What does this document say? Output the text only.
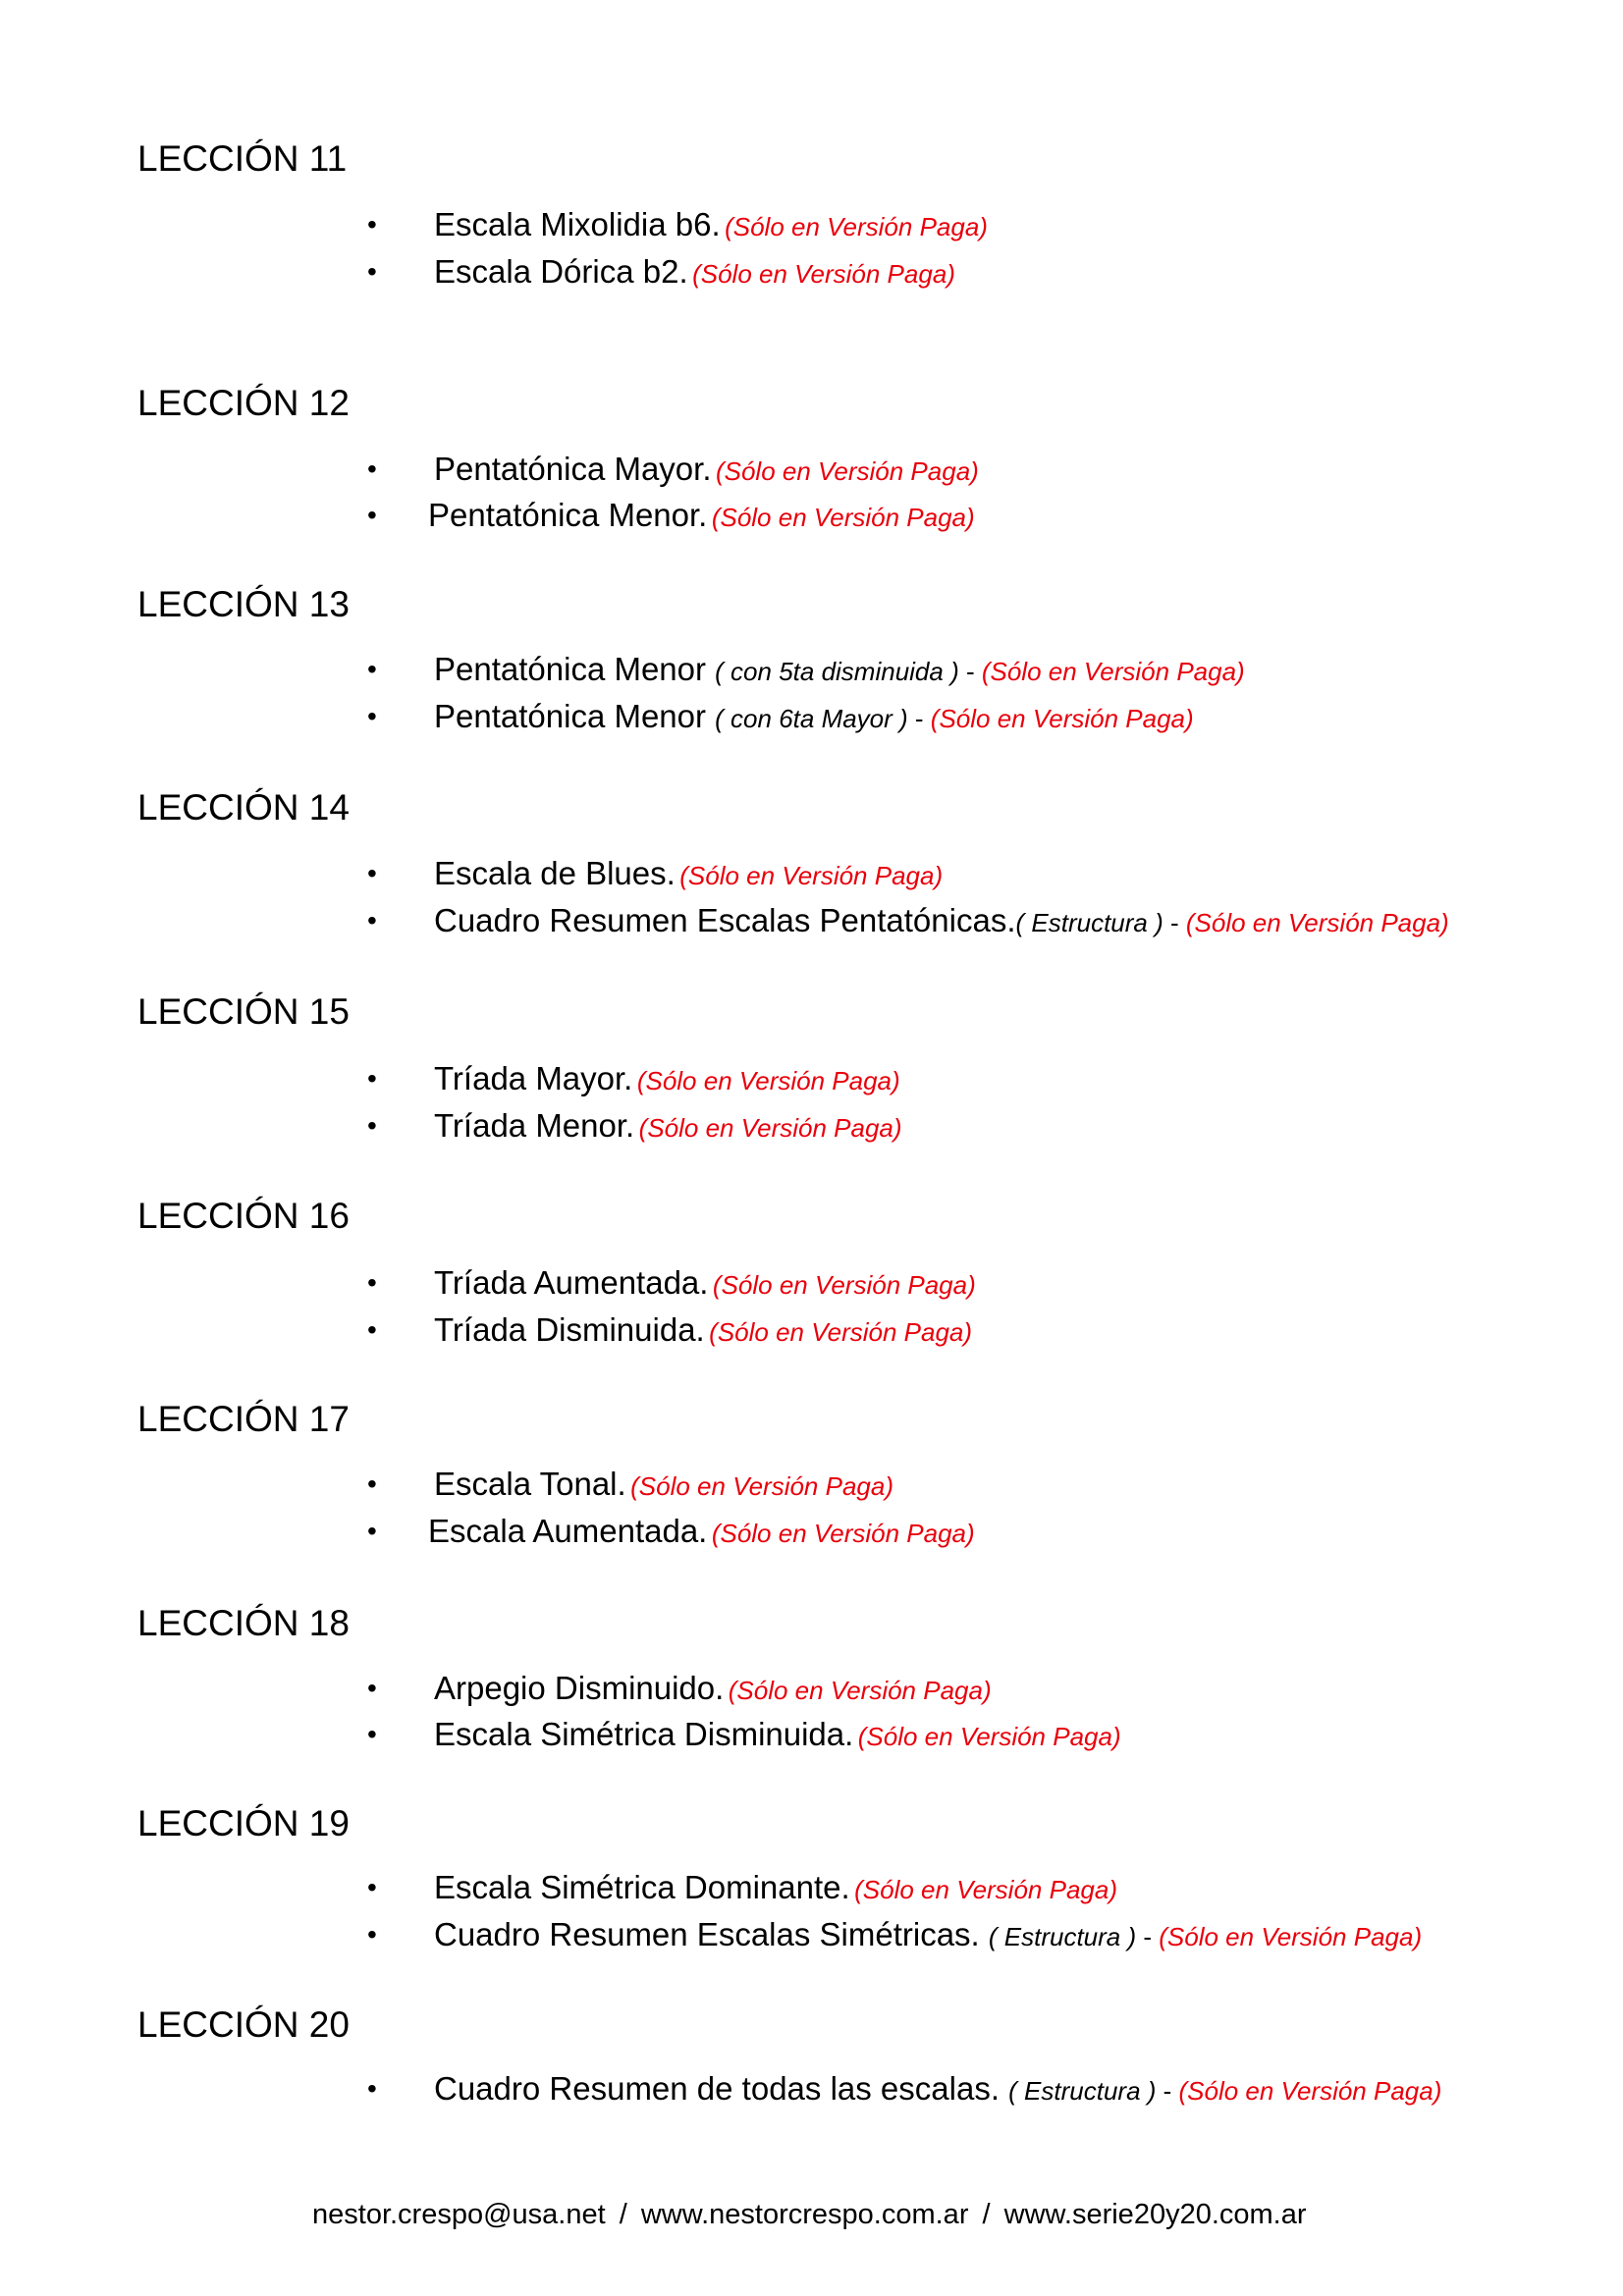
LECCIÓN 11
• Escala Mixolidia b6. (Sólo en Versión Paga)
• Escala Dórica b2. (Sólo en Versión Paga)
LECCIÓN 12
• Pentatónica Mayor. (Sólo en Versión Paga)
• Pentatónica Menor. (Sólo en Versión Paga)
LECCIÓN 13
• Pentatónica Menor ( con 5ta disminuida ) - (Sólo en Versión Paga)
• Pentatónica Menor ( con 6ta Mayor ) - (Sólo en Versión Paga)
LECCIÓN 14
• Escala de Blues. (Sólo en Versión Paga)
• Cuadro Resumen Escalas Pentatónicas.( Estructura ) - (Sólo en Versión Paga)
LECCIÓN 15
• Tríada Mayor. (Sólo en Versión Paga)
• Tríada Menor. (Sólo en Versión Paga)
LECCIÓN 16
• Tríada Aumentada. (Sólo en Versión Paga)
• Tríada Disminuida. (Sólo en Versión Paga)
LECCIÓN 17
• Escala Tonal. (Sólo en Versión Paga)
• Escala Aumentada. (Sólo en Versión Paga)
LECCIÓN 18
• Arpegio Disminuido. (Sólo en Versión Paga)
• Escala Simétrica Disminuida. (Sólo en Versión Paga)
LECCIÓN 19
• Escala Simétrica Dominante. (Sólo en Versión Paga)
• Cuadro Resumen Escalas Simétricas. ( Estructura ) - (Sólo en Versión Paga)
LECCIÓN 20
• Cuadro Resumen de todas las escalas. ( Estructura ) - (Sólo en Versión Paga)
nestor.crespo@usa.net / www.nestorcrespo.com.ar / www.serie20y20.com.ar
